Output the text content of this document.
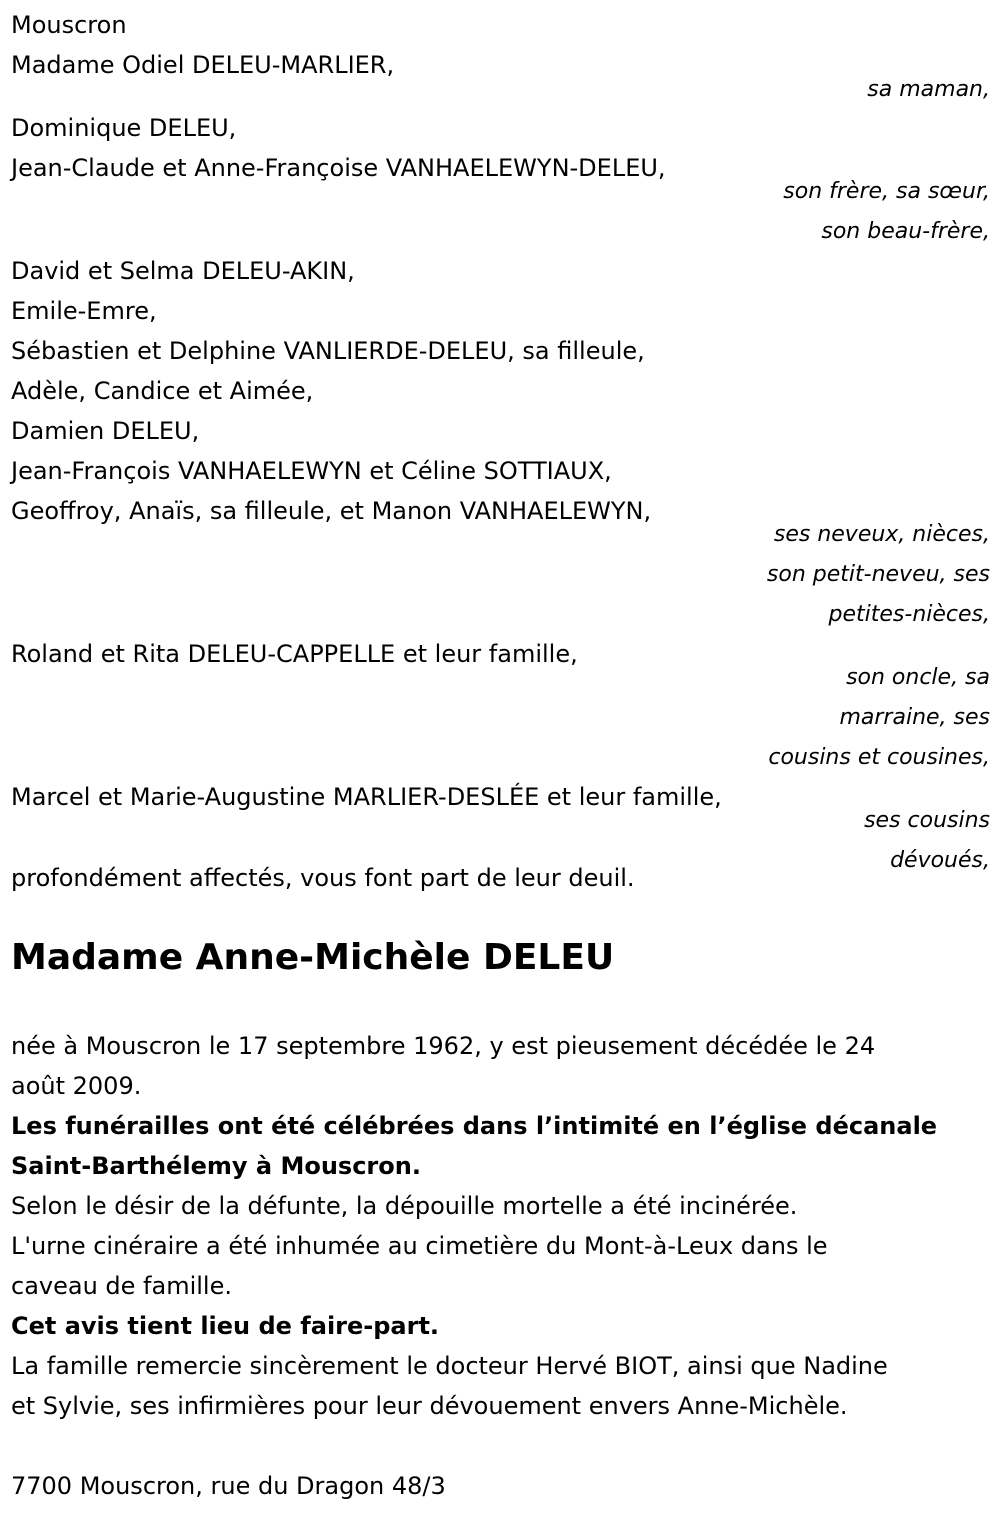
Mouscron

Madame Odiel DELEU-MARLIER,

sa maman,

Dominique DELEU,

Jean-Claude et Anne-Françoise VANHAELEWYN-DELEU,

son frère, sa sœur,

son beau-frère,

David et Selma DELEU-AKIN,

Emile-Emre,

Sébastien et Delphine VANLIERDE-DELEU, sa filleule,

Adèle, Candice et Aimée,

Damien DELEU,

Jean-François VANHAELEWYN et Céline SOTTIAUX,

Geoffroy, Anaïs, sa filleule, et Manon VANHAELEWYN,

ses neveux, nièces,

son petit-neveu, ses

petites-nièces,

Roland et Rita DELEU-CAPPELLE et leur famille,

son oncle, sa

marraine, ses

cousins et cousines,

Marcel et Marie-Augustine MARLIER-DESLÉE et leur famille,

ses cousins

dévoués,

profondément affectés, vous font part de leur deuil.

Madame Anne-Michèle DELEU

née à Mouscron le 17 septembre 1962, y est pieusement décédée le 24

août 2009.

Les funérailles ont été célébrées dans l’intimité en l’église décanale

Saint-Barthélemy à Mouscron.

Selon le désir de la défunte, la dépouille mortelle a été incinérée.

L'urne cinéraire a été inhumée au cimetière du Mont-à-Leux dans le

caveau de famille.

Cet avis tient lieu de faire-part.

La famille remercie sincèrement le docteur Hervé BIOT, ainsi que Nadine

et Sylvie, ses infirmières pour leur dévouement envers Anne-Michèle.

7700 Mouscron, rue du Dragon 48/3
